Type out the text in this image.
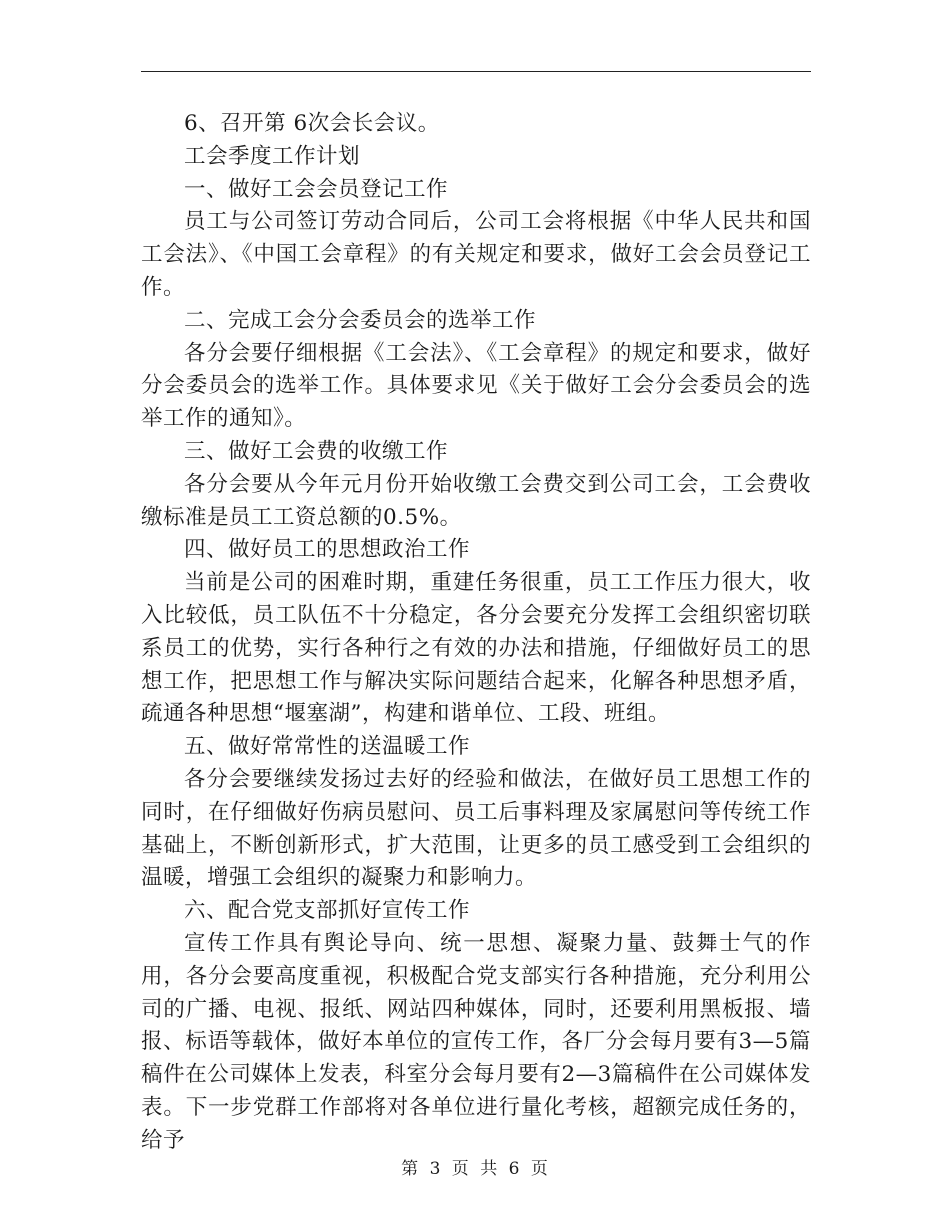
6、召开第 6次会长会议。

工会季度工作计划

一、做好工会会员登记工作

员工与公司签订劳动合同后，公司工会将根据《中华人民共和国工会法》、《中国工会章程》的有关规定和要求，做好工会会员登记工作。

二、完成工会分会委员会的选举工作

各分会要仔细根据《工会法》、《工会章程》的规定和要求，做好分会委员会的选举工作。具体要求见《关于做好工会分会委员会的选举工作的通知》。

三、做好工会费的收缴工作

各分会要从今年元月份开始收缴工会费交到公司工会，工会费收缴标准是员工工资总额的0.5%。

四、做好员工的思想政治工作

当前是公司的困难时期，重建任务很重，员工工作压力很大，收入比较低，员工队伍不十分稳定，各分会要充分发挥工会组织密切联系员工的优势，实行各种行之有效的办法和措施，仔细做好员工的思想工作，把思想工作与解决实际问题结合起来，化解各种思想矛盾，疏通各种思想“堰塞湖”，构建和谐单位、工段、班组。

五、做好常常性的送温暖工作

各分会要继续发扬过去好的经验和做法，在做好员工思想工作的同时，在仔细做好伤病员慰问、员工后事料理及家属慰问等传统工作基础上，不断创新形式，扩大范围，让更多的员工感受到工会组织的温暖，增强工会组织的凝聚力和影响力。

六、配合党支部抓好宣传工作

宣传工作具有舆论导向、统一思想、凝聚力量、鼓舞士气的作用，各分会要高度重视，积极配合党支部实行各种措施，充分利用公司的广播、电视、报纸、网站四种媒体，同时，还要利用黑板报、墙报、标语等载体，做好本单位的宣传工作，各厂分会每月要有3—5篇稿件在公司媒体上发表，科室分会每月要有2—3篇稿件在公司媒体发表。下一步党群工作部将对各单位进行量化考核，超额完成任务的，给予

第 3 页 共 6 页
